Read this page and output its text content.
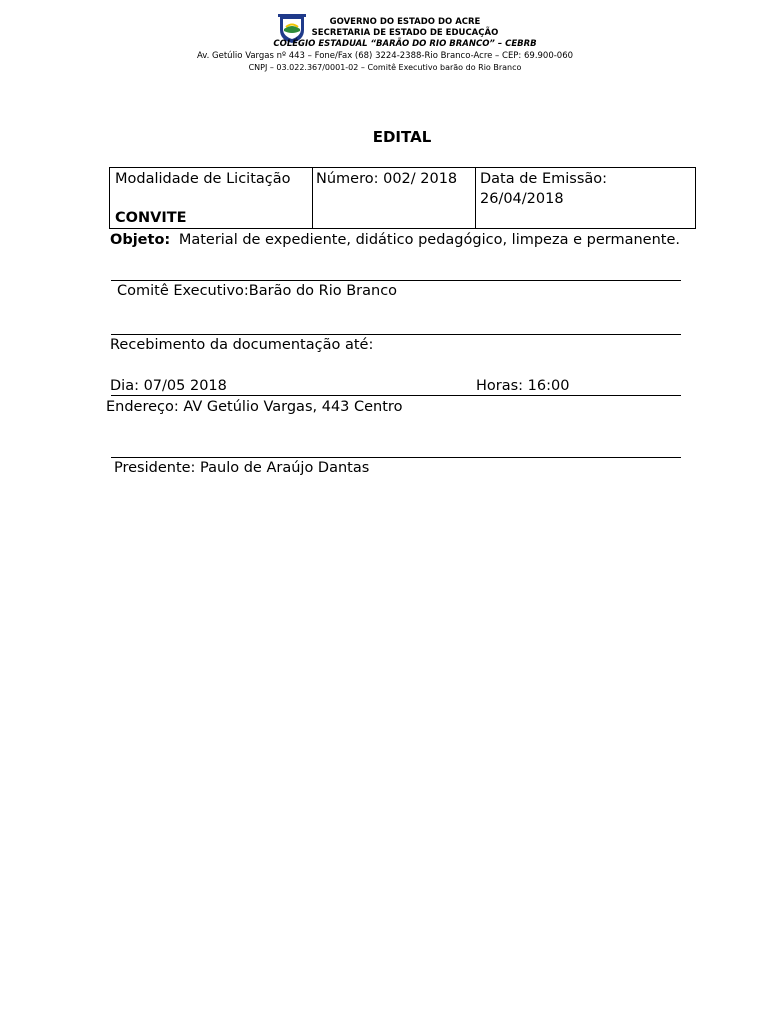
GOVERNO DO ESTADO DO ACRE
SECRETARIA DE ESTADO DE EDUCAÇÃO
COLÉGIO ESTADUAL “BARÃO DO RIO BRANCO” – CEBRB
Av. Getúlio Vargas nº 443 – Fone/Fax (68) 3224-2388-Rio Branco-Acre – CEP: 69.900-060
CNPJ – 03.022.367/0001-02 – Comitê Executivo barão do Rio Branco
EDITAL
Modalidade de Licitação
CONVITE
Número: 002/ 2018 Data de Emissão:
26/04/2018
Objeto: Material de expediente, didático pedagógico, limpeza e permanente.
Comitê Executivo:Barão do Rio Branco
Recebimento da documentação até:
Dia: 07/05 2018	Horas: 16:00
Endereço: AV Getúlio Vargas, 443 Centro
Presidente: Paulo de Araújo Dantas
